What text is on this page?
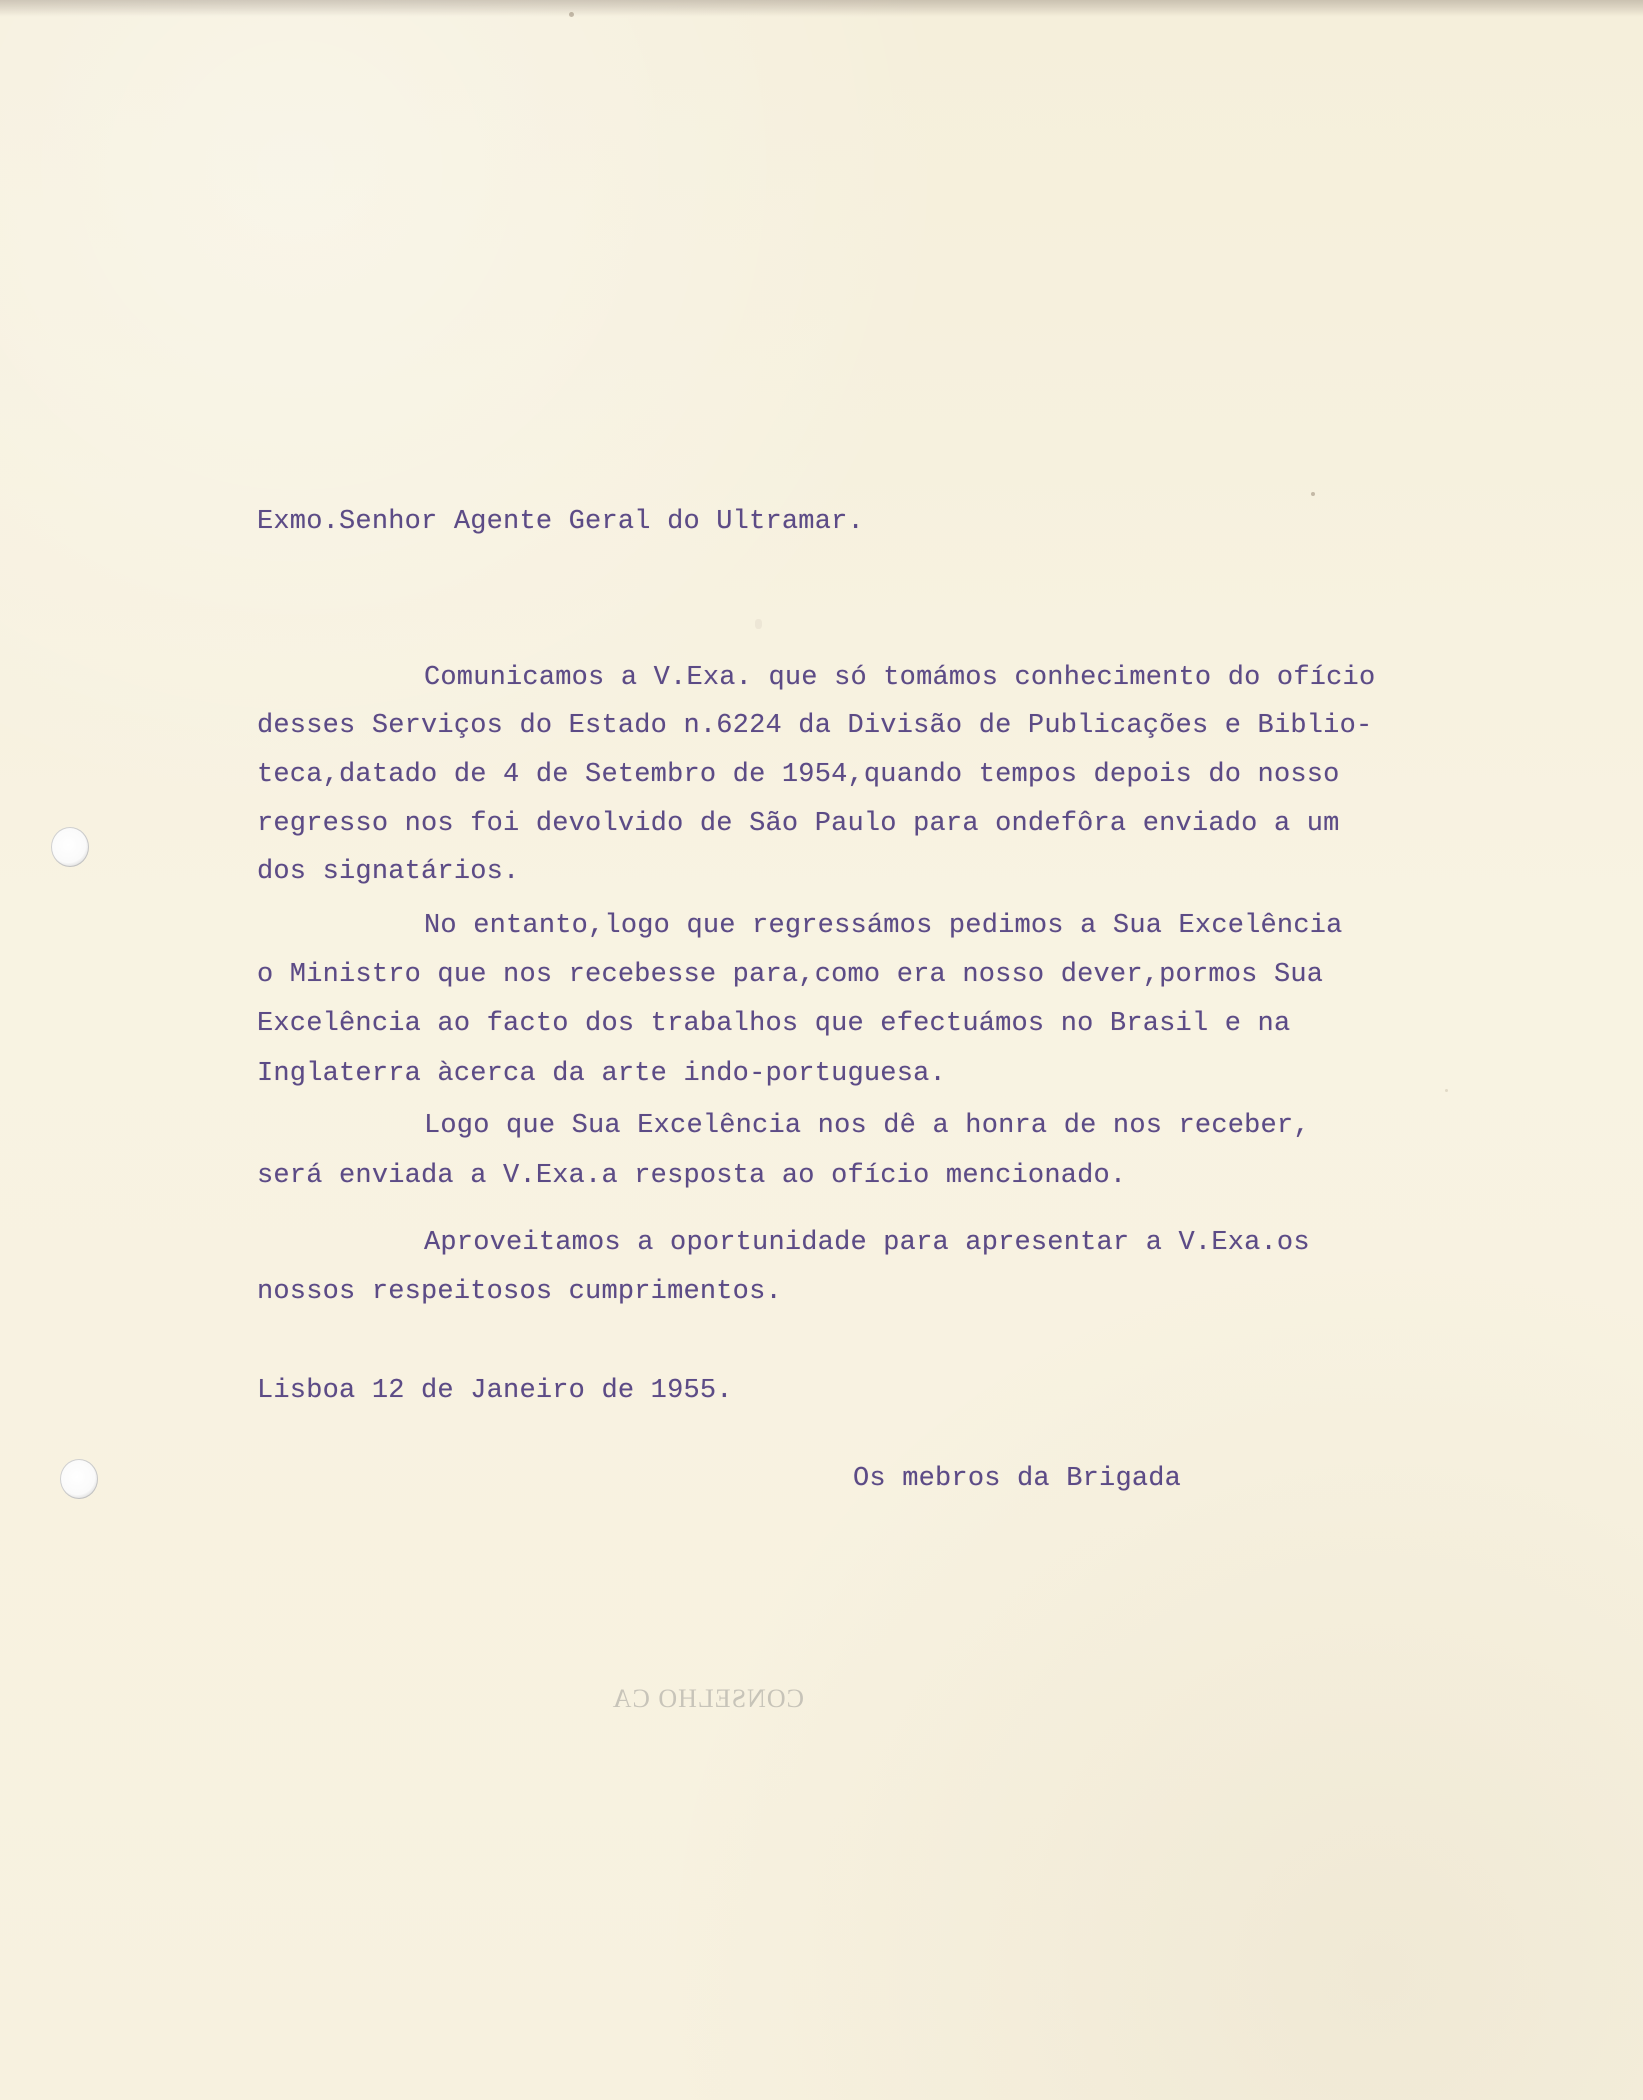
Exmo.Senhor Agente Geral do Ultramar.

Comunicamos a V.Exa. que só tomámos conhecimento do ofício

desses Serviços do Estado n.6224 da Divisão de Publicações e Biblio-

teca,datado de 4 de Setembro de 1954,quando tempos depois do nosso

regresso nos foi devolvido de São Paulo para ondefôra enviado a um

dos signatários.

No entanto,logo que regressámos pedimos a Sua Excelência

o Ministro que nos recebesse para,como era nosso dever,pormos Sua

Excelência ao facto dos trabalhos que efectuámos no Brasil e na

Inglaterra àcerca da arte indo-portuguesa.

Logo que Sua Excelência nos dê a honra de nos receber,

será enviada a V.Exa.a resposta ao ofício mencionado.

Aproveitamos a oportunidade para apresentar a V.Exa.os

nossos respeitosos cumprimentos.

Lisboa 12 de Janeiro de 1955.

Os mebros da Brigada

CONSELHO CA
